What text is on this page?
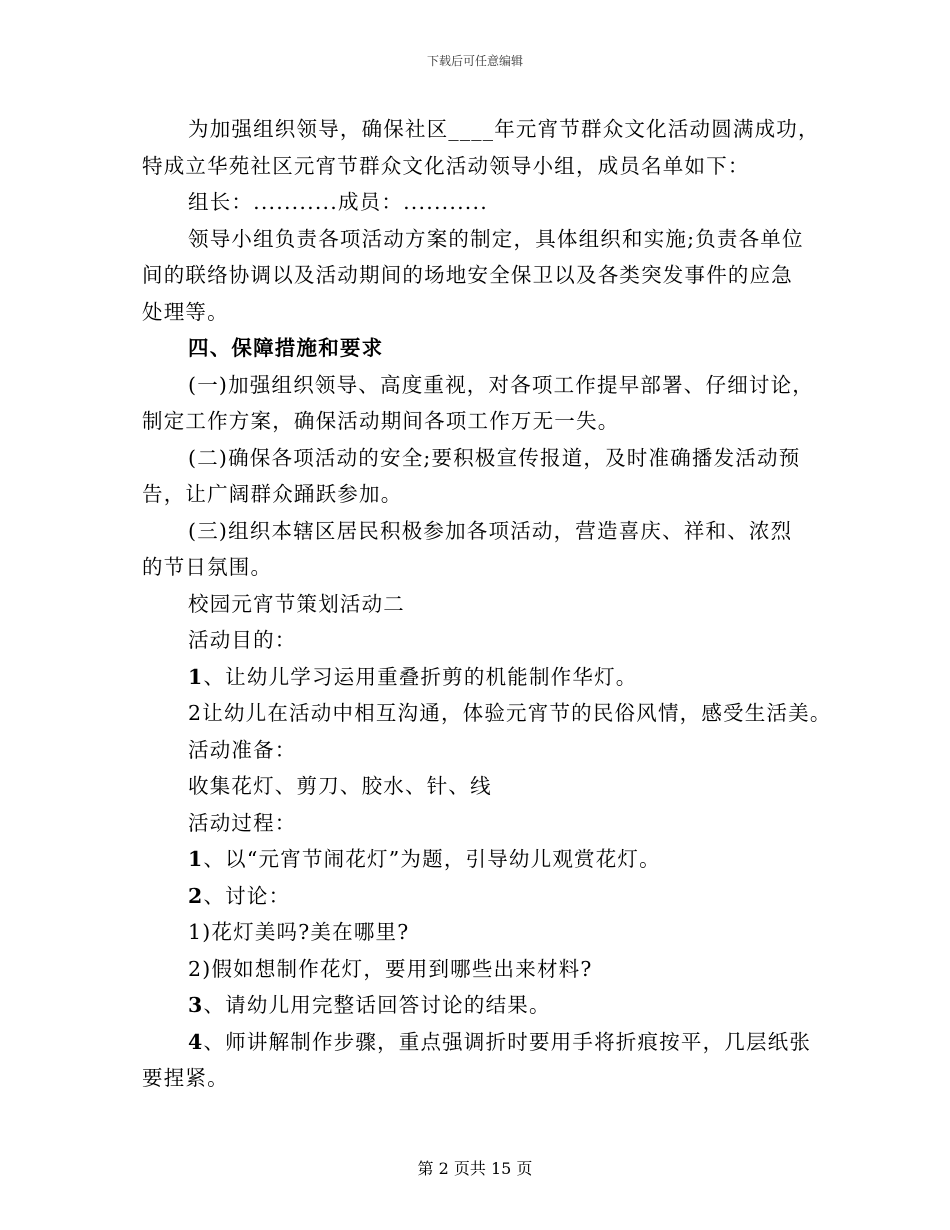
下载后可任意编辑

为加强组织领导，确保社区____年元宵节群众文化活动圆满成功，

特成立华苑社区元宵节群众文化活动领导小组，成员名单如下：

组长：...........成员：...........

领导小组负责各项活动方案的制定，具体组织和实施;负责各单位

间的联络协调以及活动期间的场地安全保卫以及各类突发事件的应急

处理等。

四、保障措施和要求

(一)加强组织领导、高度重视，对各项工作提早部署、仔细讨论，

制定工作方案，确保活动期间各项工作万无一失。

(二)确保各项活动的安全;要积极宣传报道，及时准确播发活动预

告，让广阔群众踊跃参加。

(三)组织本辖区居民积极参加各项活动，营造喜庆、祥和、浓烈

的节日氛围。

校园元宵节策划活动二

活动目的：

1、让幼儿学习运用重叠折剪的机能制作华灯。

2让幼儿在活动中相互沟通，体验元宵节的民俗风情，感受生活美。

活动准备：

收集花灯、剪刀、胶水、针、线

活动过程：

1、以“元宵节闹花灯”为题，引导幼儿观赏花灯。

2、讨论：

1)花灯美吗?美在哪里?

2)假如想制作花灯，要用到哪些出来材料?

3、请幼儿用完整话回答讨论的结果。

4、师讲解制作步骤，重点强调折时要用手将折痕按平，几层纸张

要捏紧。

第 2 页共 15 页
